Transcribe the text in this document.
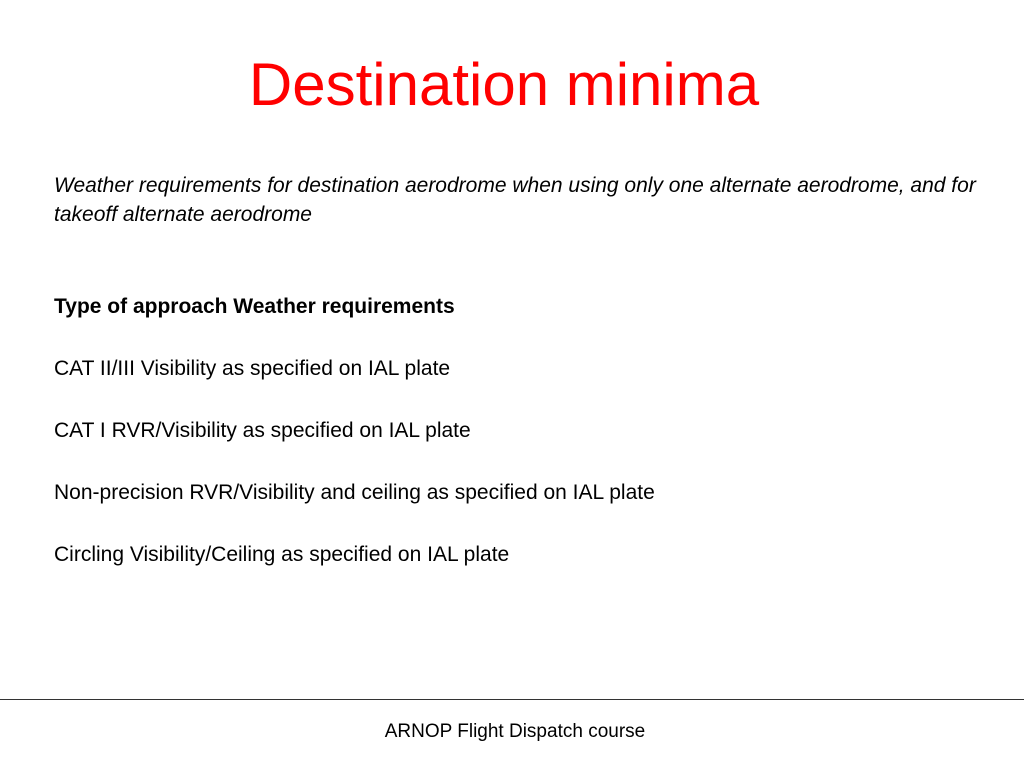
Destination minima
Weather requirements for destination aerodrome when using only one alternate aerodrome, and for takeoff alternate aerodrome
Type of approach Weather requirements
CAT II/III Visibility as specified on IAL plate
CAT I RVR/Visibility as specified on IAL plate
Non-precision RVR/Visibility and ceiling as specified on IAL plate
Circling Visibility/Ceiling as specified on IAL plate
ARNOP Flight Dispatch course
